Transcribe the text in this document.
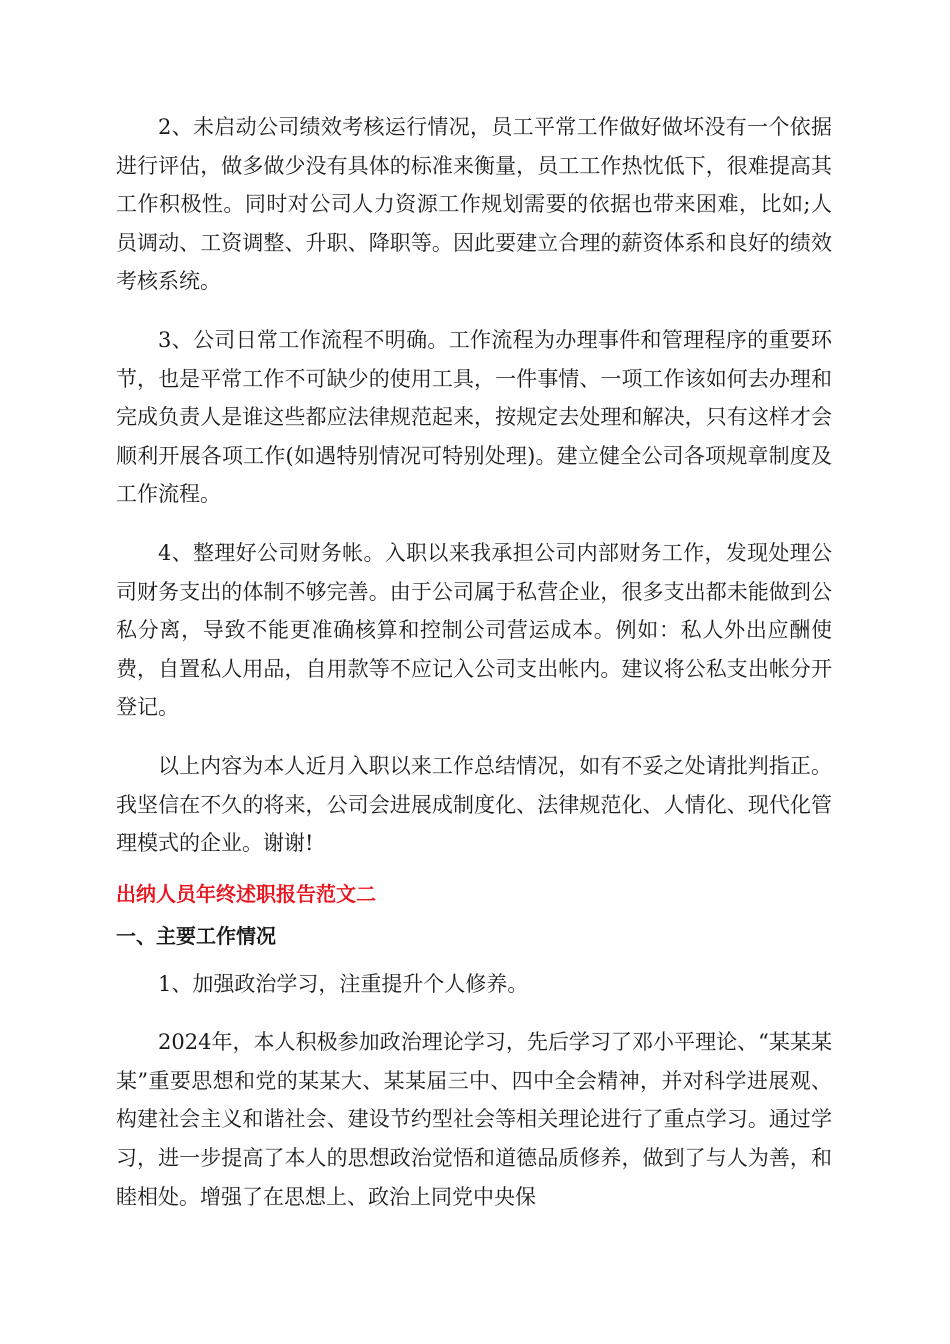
2、未启动公司绩效考核运行情况，员工平常工作做好做坏没有一个依据进行评估，做多做少没有具体的标准来衡量，员工工作热忱低下，很难提高其工作积极性。同时对公司人力资源工作规划需要的依据也带来困难，比如;人员调动、工资调整、升职、降职等。因此要建立合理的薪资体系和良好的绩效考核系统。

3、公司日常工作流程不明确。工作流程为办理事件和管理程序的重要环节，也是平常工作不可缺少的使用工具，一件事情、一项工作该如何去办理和完成负责人是谁这些都应法律规范起来，按规定去处理和解决，只有这样才会顺利开展各项工作(如遇特别情况可特别处理)。建立健全公司各项规章制度及工作流程。

4、整理好公司财务帐。入职以来我承担公司内部财务工作，发现处理公司财务支出的体制不够完善。由于公司属于私营企业，很多支出都未能做到公私分离，导致不能更准确核算和控制公司营运成本。例如：私人外出应酬使费，自置私人用品，自用款等不应记入公司支出帐内。建议将公私支出帐分开登记。

以上内容为本人近月入职以来工作总结情况，如有不妥之处请批判指正。我坚信在不久的将来，公司会进展成制度化、法律规范化、人情化、现代化管理模式的企业。谢谢!

出纳人员年终述职报告范文二
一、主要工作情况

1、加强政治学习，注重提升个人修养。

2024年，本人积极参加政治理论学习，先后学习了邓小平理论、“某某某某”重要思想和党的某某大、某某届三中、四中全会精神，并对科学进展观、构建社会主义和谐社会、建设节约型社会等相关理论进行了重点学习。通过学习，进一步提高了本人的思想政治觉悟和道德品质修养，做到了与人为善，和睦相处。增强了在思想上、政治上同党中央保
